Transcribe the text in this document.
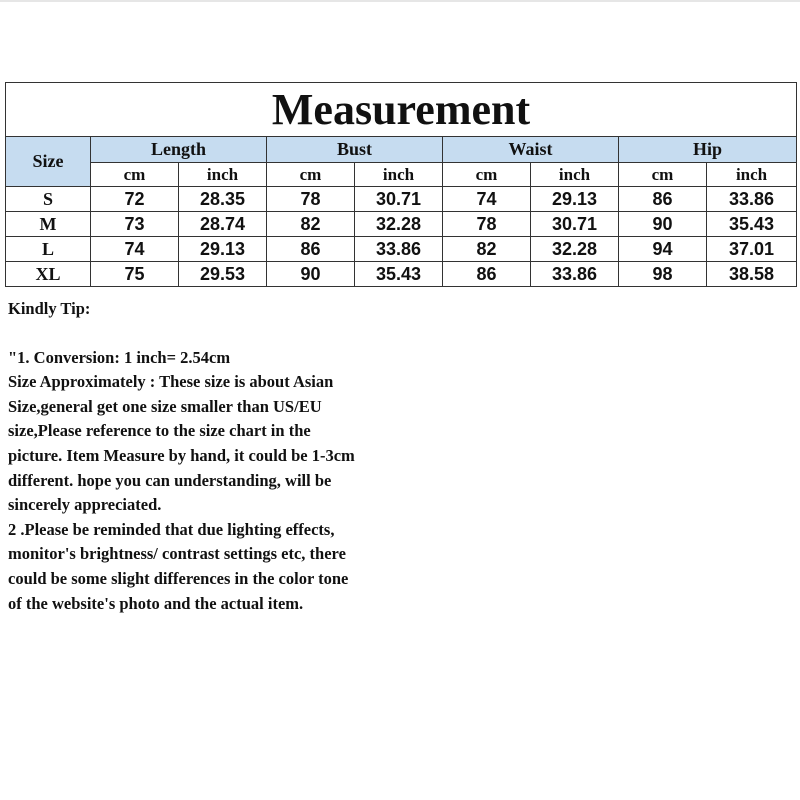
Measurement								
Size	Length		Bust		Waist		Hip	
	cm	inch	cm	inch	cm	inch	cm	inch
S	72	28.35	78	30.71	74	29.13	86	33.86
M	73	28.74	82	32.28	78	30.71	90	35.43
L	74	29.13	86	33.86	82	32.28	94	37.01
XL	75	29.53	90	35.43	86	33.86	98	38.58

Kindly Tip:

"1. Conversion: 1 inch= 2.54cm

Size Approximately : These size is about Asian

Size,general get one size smaller than US/EU

size,Please reference to the size chart in the

picture. Item Measure by hand, it could be 1-3cm

different. hope you can understanding, will be

sincerely appreciated.

2 .Please be reminded that due lighting effects,

monitor's brightness/ contrast settings etc, there

could be some slight differences in the color tone

of the website's photo and the actual item.
